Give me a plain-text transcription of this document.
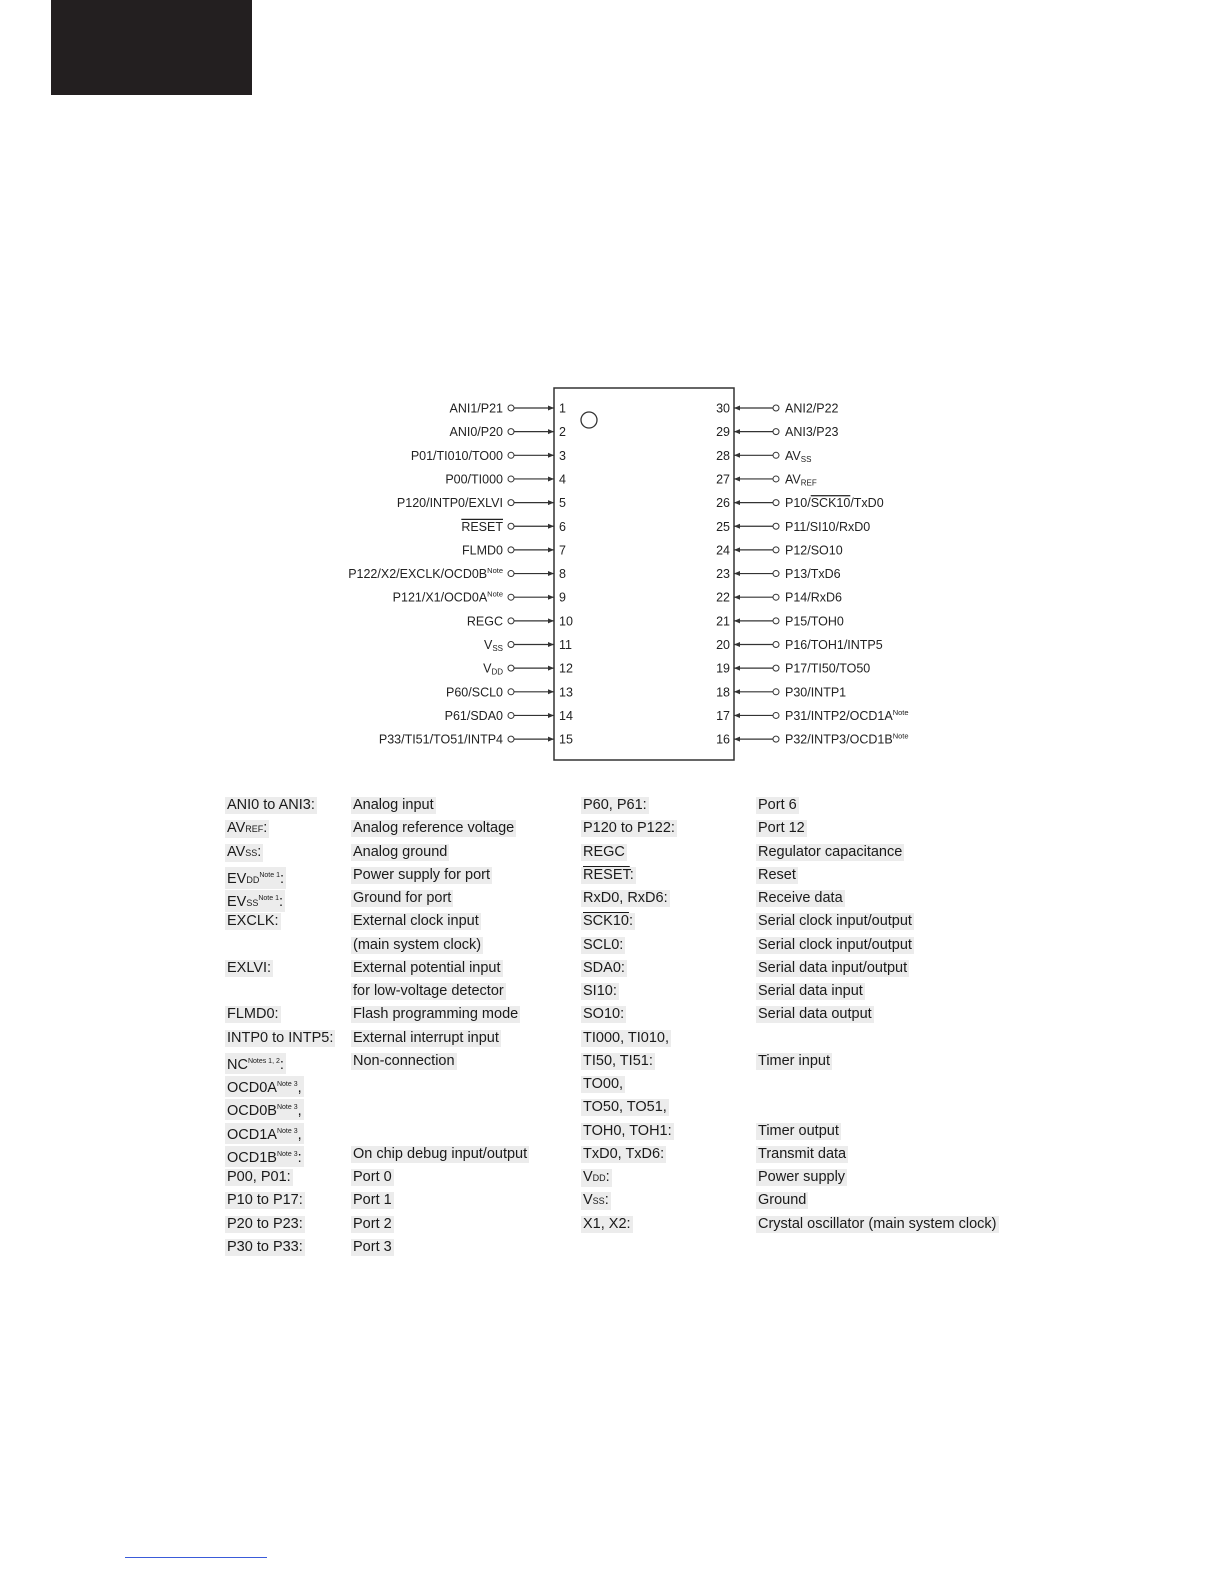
1
ANI1/P21
2
ANI0/P20
3
P01/TI010/TO00
4
P00/TI000
5
P120/INTP0/EXLVI
6
RESET
7
FLMD0
8
$P122/X2/EXCLK/OCD0B^{Note}$
9
$P121/X1/OCD0A^{Note}$
10
REGC
11
VSS
12
VDD
13
P60/SCL0
14
P61/SDA0
15
P33/TI51/TO51/INTP4
30	ANI2/P22
29	ANI3/P23
28	AVSS
27	AVREF
26	P10/SCK10/TxD0
25	P11/SI10/RxD0
24	P12/SO10
23	P13/TxD6
22	P14/RxD6
21	P15/TOH0
20	P16/TOH1/INTP5
19	P17/TI50/TO50
18	P30/INTP1
17	$P31/INTP2/OCD1A^{Note}$
16	$P32/INTP3/OCD1B^{Note}$
ANI0 to ANI3:	Analog input
AVREF:	Analog reference voltage
AVSS:	Analog ground
$EVDD^{Note 1}$:	Power supply for port
$EVSS^{Note 1}$:	Ground for port
EXCLK:	External clock input
(main system clock)
EXLVI:	External potential input
for low-voltage detector
FLMD0:	Flash programming mode
INTP0 to INTP5: External interrupt input
$NC^{Notes 1, 2}$:	Non-connection
$OCD0A^{Note 3}$,
$OCD0B^{Note 3}$,
$OCD1A^{Note 3}$,
$OCD1B^{Note 3}$:	On chip debug input/output
P00, P01:	Port 0
P10 to P17:	Port 1
P20 to P23:	Port 2
P30 to P33:	Port 3
P60, P61:	Port 6
P120 to P122:	Port 12
REGC	Regulator capacitance
RESET:	Reset
RxD0, RxD6:	Receive data
SCK10:	Serial clock input/output
SCL0:	Serial clock input/output
SDA0:	Serial data input/output
SI10:	Serial data input
SO10:	Serial data output
TI000, TI010,
TI50, TI51:	Timer input
TO00,
TO50, TO51,
TOH0, TOH1:	Timer output
TxD0, TxD6:	Transmit data
VDD:	Power supply
VSS:	Ground
X1, X2:	Crystal oscillator (main system clock)
